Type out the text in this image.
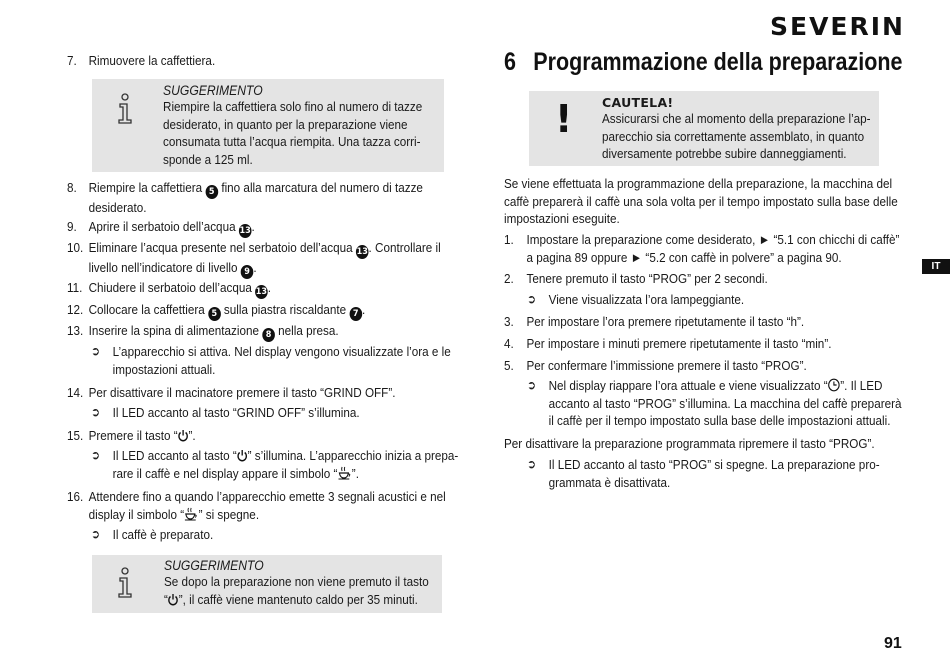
SEVERIN
IT
91
7. Rimuovere la caffettiera.
SUGGERIMENTO
Riempire la caffettiera solo fino al numero di tazze
desiderato, in quanto per la preparazione viene
consumata tutta l’acqua riempita. Una tazza corri-
sponde a 125 ml.
8. Riempire la caffettiera 5 fino alla marcatura del numero di tazze
desiderato.
9. Aprire il serbatoio dell’acqua 13.
10. Eliminare l’acqua presente nel serbatoio dell’acqua 13. Controllare il
livello nell’indicatore di livello 9 .
11. Chiudere il serbatoio dell’acqua 13.
12. Collocare la caffettiera 5 sulla piastra riscaldante 7 .
13. Inserire la spina di alimentazione 8 nella presa.
➲ L’apparecchio si attiva. Nel display vengono visualizzate l’ora e le
impostazioni attuali.
14. Per disattivare il macinatore premere il tasto “GRIND OFF”.
➲ Il LED accanto al tasto “GRIND OFF” s’illumina.
15. Premere il tasto “ ”.
➲ Il LED accanto al tasto “ ” s’illumina. L’apparecchio inizia a prepa-
rare il caffè e nel display appare il simbolo “ ”.
16. Attendere fino a quando l’apparecchio emette 3 segnali acustici e nel
display il simbolo “ ” si spegne.
➲ Il caffè è preparato.
SUGGERIMENTO
Se dopo la preparazione non viene premuto il tasto
“ ”, il caffè viene mantenuto caldo per 35 minuti.
6 Programmazione della preparazione
! CAUTELA!
Assicurarsi che al momento della preparazione l’ap-
parecchio sia correttamente assemblato, in quanto
diversamente potrebbe subire danneggiamenti.
Se viene effettuata la programmazione della preparazione, la macchina del
caffè preparerà il caffè una sola volta per il tempo impostato sulla base delle
impostazioni eseguite.
1. Impostare la preparazione come desiderato, ► “5.1 con chicchi di caffè”
a pagina 89 oppure ► “5.2 con caffè in polvere” a pagina 90.
2. Tenere premuto il tasto “PROG” per 2 secondi.
➲ Viene visualizzata l’ora lampeggiante.
3. Per impostare l’ora premere ripetutamente il tasto “h”.
4. Per impostare i minuti premere ripetutamente il tasto “min”.
5. Per confermare l’immissione premere il tasto “PROG”.
➲ Nel display riappare l’ora attuale e viene visualizzato “ ”. Il LED
accanto al tasto “PROG” s’illumina. La macchina del caffè preparerà
il caffè per il tempo impostato sulla base delle impostazioni attuali.
Per disattivare la preparazione programmata ripremere il tasto “PROG”.
➲ Il LED accanto al tasto “PROG” si spegne. La preparazione pro-
grammata è disattivata.
